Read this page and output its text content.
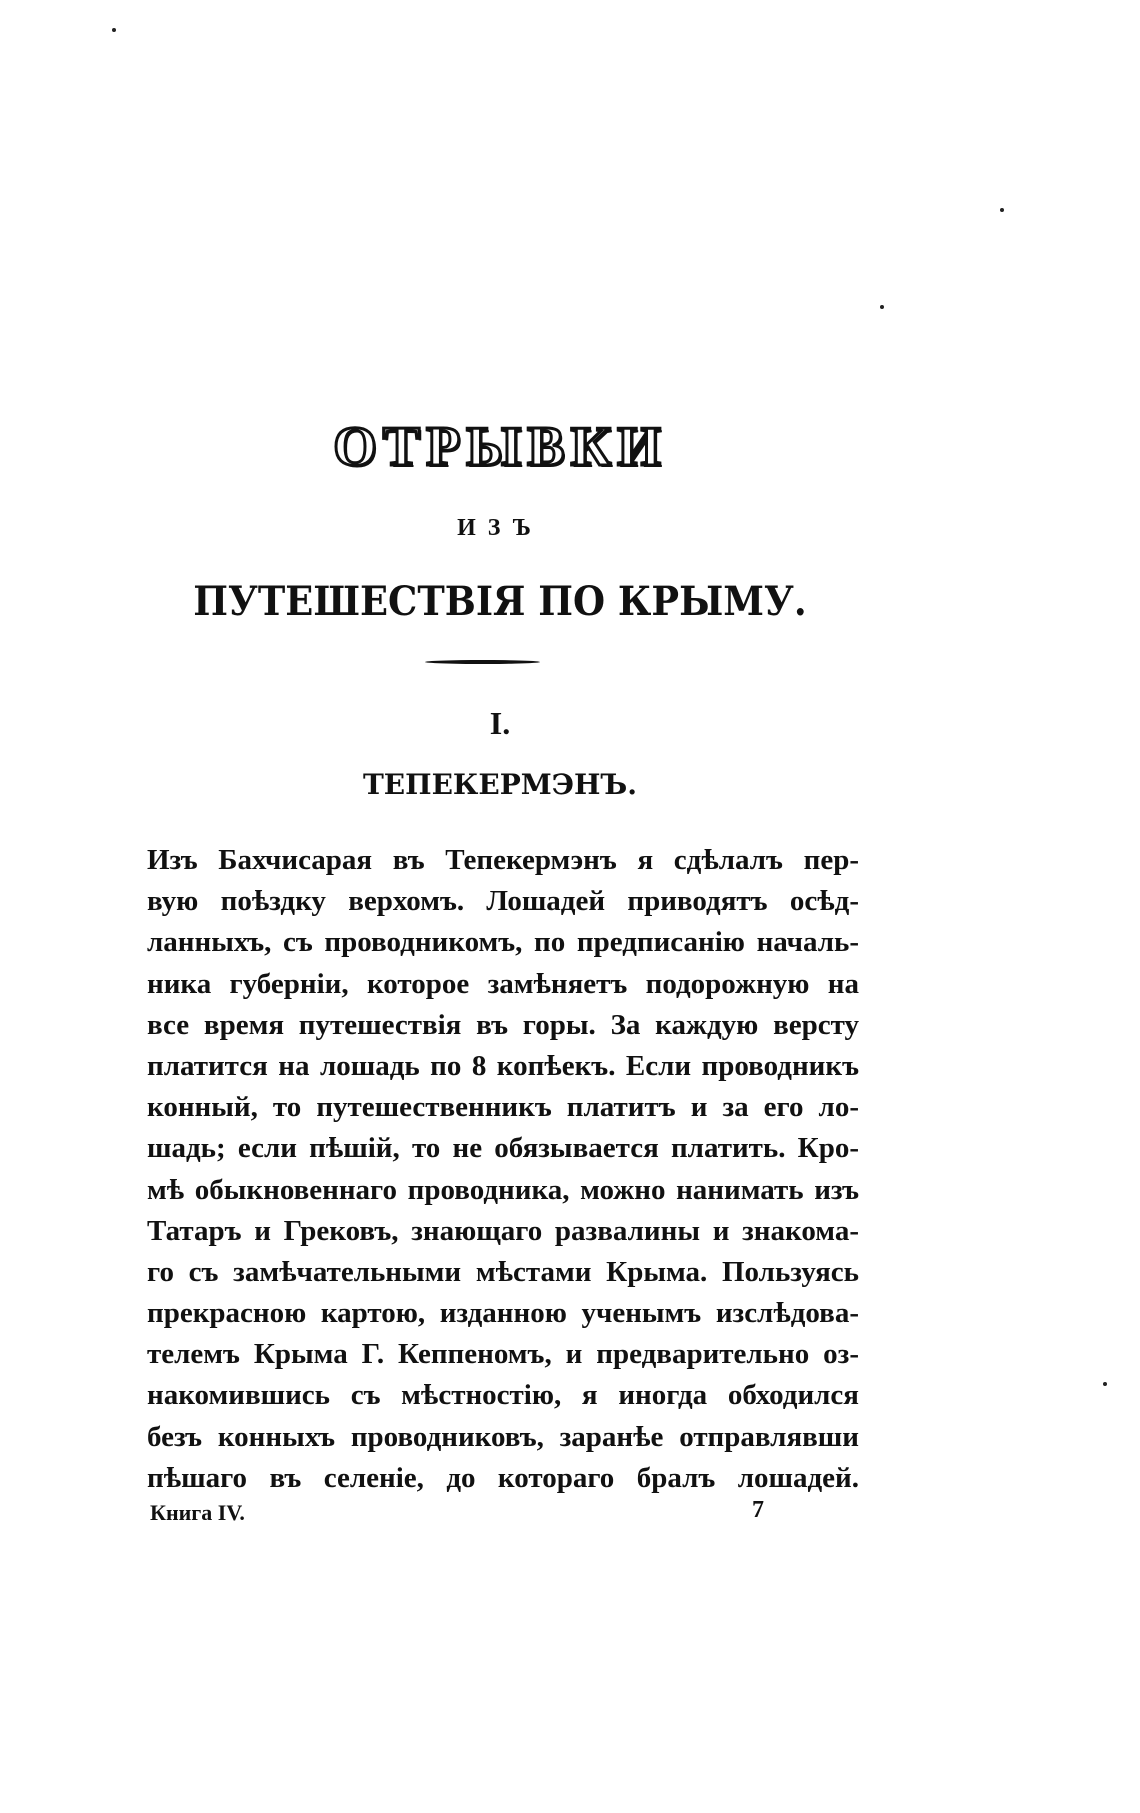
ОТРЫВКИ
ИЗЪ
ПУТЕШЕСТВІЯ ПО КРЫМУ.
I.
ТЕПЕКЕРМЭНЪ.
Изъ Бахчисарая въ Тепекермэнъ я сдѣлалъ пер-
вую поѣздку верхомъ. Лошадей приводятъ осѣд-
ланныхъ, съ проводникомъ, по предписанію началь-
ника губерніи, которое замѣняетъ подорожную на
все время путешествія въ горы. За каждую версту
платится на лошадь по 8 копѣекъ. Если проводникъ
конный, то путешественникъ платитъ и за его ло-
шадь; если пѣшій, то не обязывается платить. Кро-
мѣ обыкновеннаго проводника, можно нанимать изъ
Татаръ и Грековъ, знающаго развалины и знакома-
го съ замѣчательными мѣстами Крыма. Пользуясь
прекрасною картою, изданною ученымъ изслѣдова-
телемъ Крыма Г. Кеппеномъ, и предварительно оз-
накомившись съ мѣстностію, я иногда обходился
безъ конныхъ проводниковъ, заранѣе отправлявши
пѣшаго въ селеніе, до котораго бралъ лошадей.
Книга IV.	7
